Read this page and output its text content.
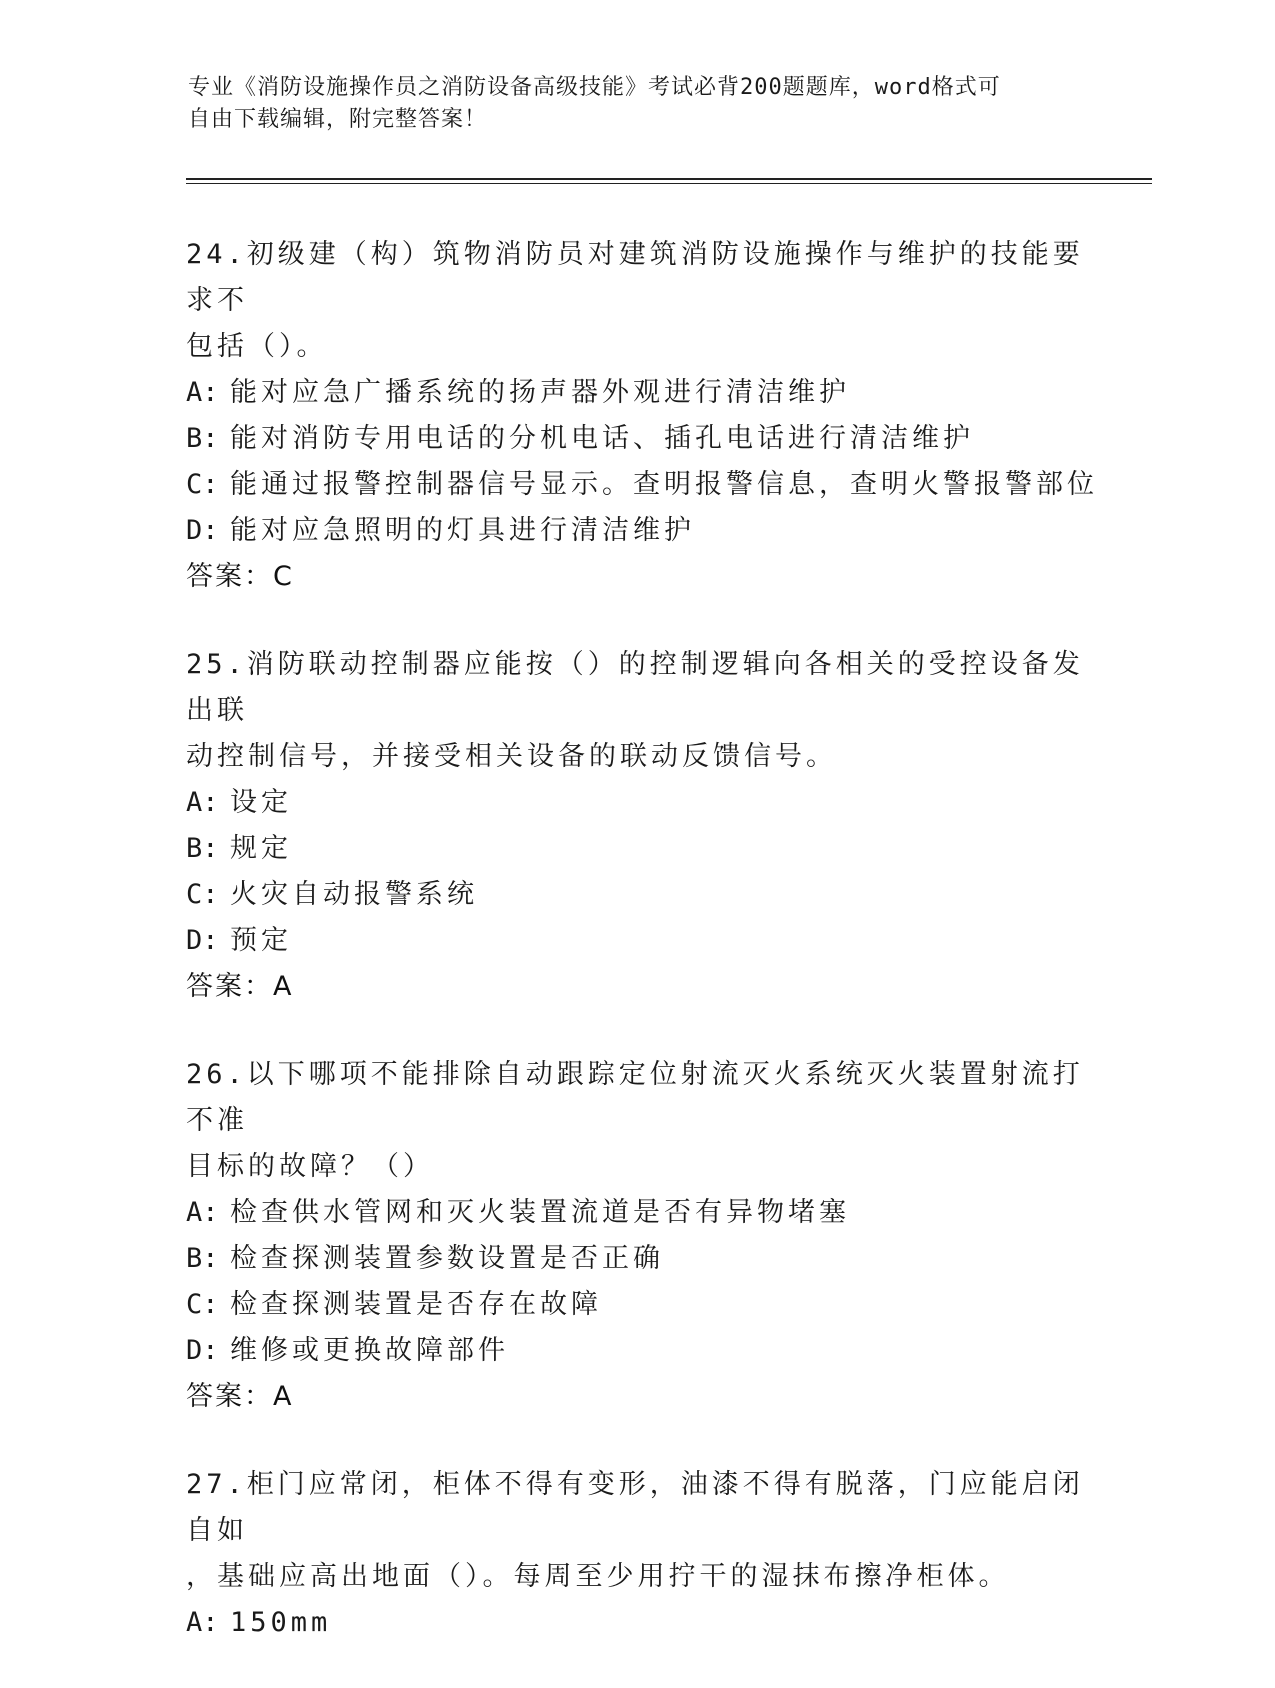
专业《消防设施操作员之消防设备高级技能》考试必背200题题库，word格式可
自由下载编辑，附完整答案！

24.初级建（构）筑物消防员对建筑消防设施操作与维护的技能要求不
包括（）。

A: 能对应急广播系统的扬声器外观进行清洁维护

B: 能对消防专用电话的分机电话、插孔电话进行清洁维护

C: 能通过报警控制器信号显示。查明报警信息，查明火警报警部位

D: 能对应急照明的灯具进行清洁维护

答案：C

25.消防联动控制器应能按（）的控制逻辑向各相关的受控设备发出联
动控制信号，并接受相关设备的联动反馈信号。

A: 设定

B: 规定

C: 火灾自动报警系统

D: 预定

答案：A

26.以下哪项不能排除自动跟踪定位射流灭火系统灭火装置射流打不准
目标的故障？（）

A: 检查供水管网和灭火装置流道是否有异物堵塞

B: 检查探测装置参数设置是否正确

C: 检查探测装置是否存在故障

D: 维修或更换故障部件

答案：A

27.柜门应常闭，柜体不得有变形，油漆不得有脱落，门应能启闭自如
，基础应高出地面（）。每周至少用拧干的湿抹布擦净柜体。

A: 150mm
